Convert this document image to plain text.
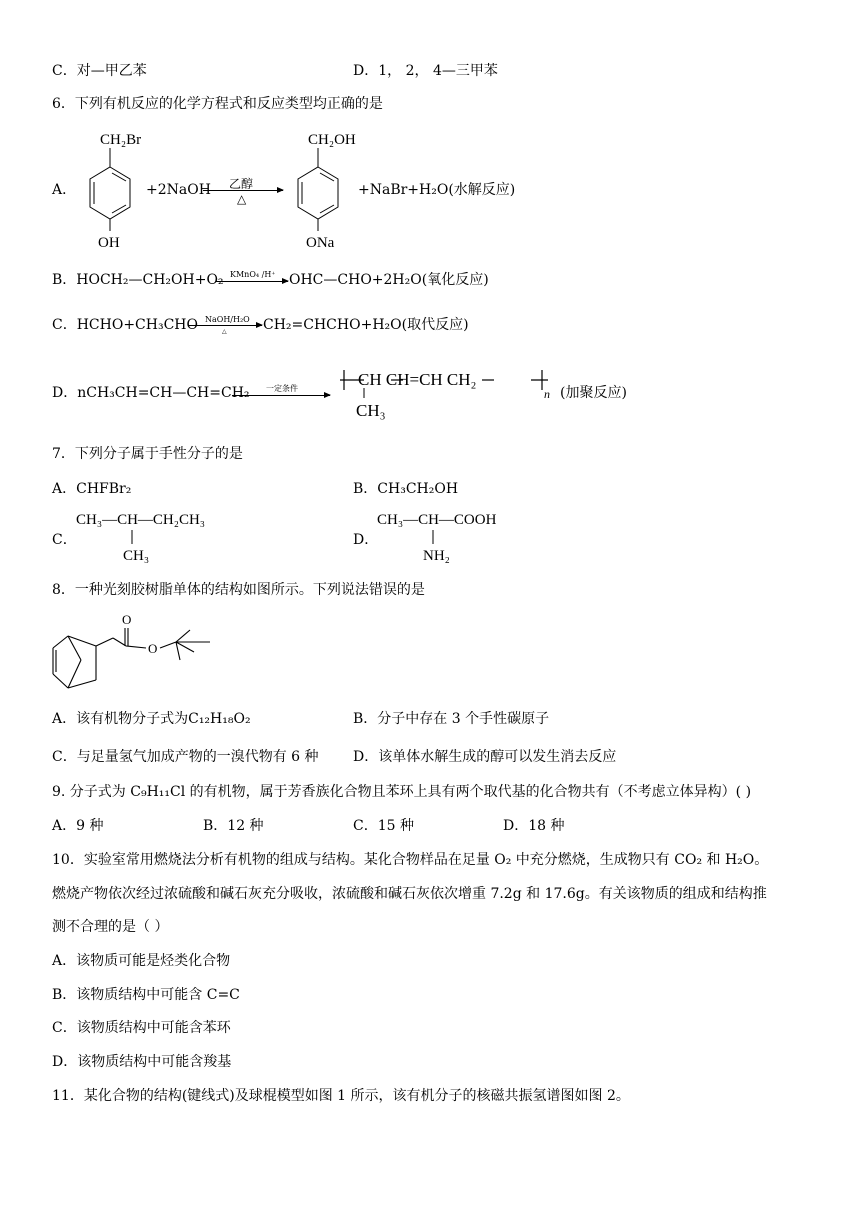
C．对—甲乙苯	D．1， 2， 4—三甲苯
6．下列有机反应的化学方程式和反应类型均正确的是
A．
CH₂Br
OH
+2NaOH 乙醇
△
CH₂OH
ONa
+NaBr+H₂O(水解反应)
B．HOCH₂—CH₂OH+O₂ KMnO₄ /H⁺ OHC—CHO+2H₂O(氧化反应)
C．HCHO+CH₃CHO NaOH/H₂O
△	CH₂=CHCHO+H₂O(取代反应)
D．nCH₃CH=CH—CH=CH₂ 一定条件	CH CH=CH CH₂
n
CH₃
(加聚反应)
7．下列分子属于手性分子的是
A．CHFBr₂	B．CH₃CH₂OH
C．
CH₃—CH—CH₂CH₃
CH₃
D．
CH₃—CH—COOH
NH₂
8．一种光刻胶树脂单体的结构如图所示。下列说法错误的是
O
O
A．该有机物分子式为C₁₂H₁₈O₂	B．分子中存在 3 个手性碳原子
C．与足量氢气加成产物的一溴代物有 6 种 D．该单体水解生成的醇可以发生消去反应
9. 分子式为 C₉H₁₁Cl 的有机物，属于芳香族化合物且苯环上具有两个取代基的化合物共有（不考虑立体异构）( )
A．9 种	B．12 种	C．15 种	D．18 种
10．实验室常用燃烧法分析有机物的组成与结构。某化合物样品在足量 O₂ 中充分燃烧，生成物只有 CO₂ 和 H₂O。
燃烧产物依次经过浓硫酸和碱石灰充分吸收，浓硫酸和碱石灰依次增重 7.2g 和 17.6g。有关该物质的组成和结构推
测不合理的是（ ）
A．该物质可能是烃类化合物
B．该物质结构中可能含 C=C
C．该物质结构中可能含苯环
D．该物质结构中可能含羧基
11．某化合物的结构(键线式)及球棍模型如图 1 所示，该有机分子的核磁共振氢谱图如图 2。
